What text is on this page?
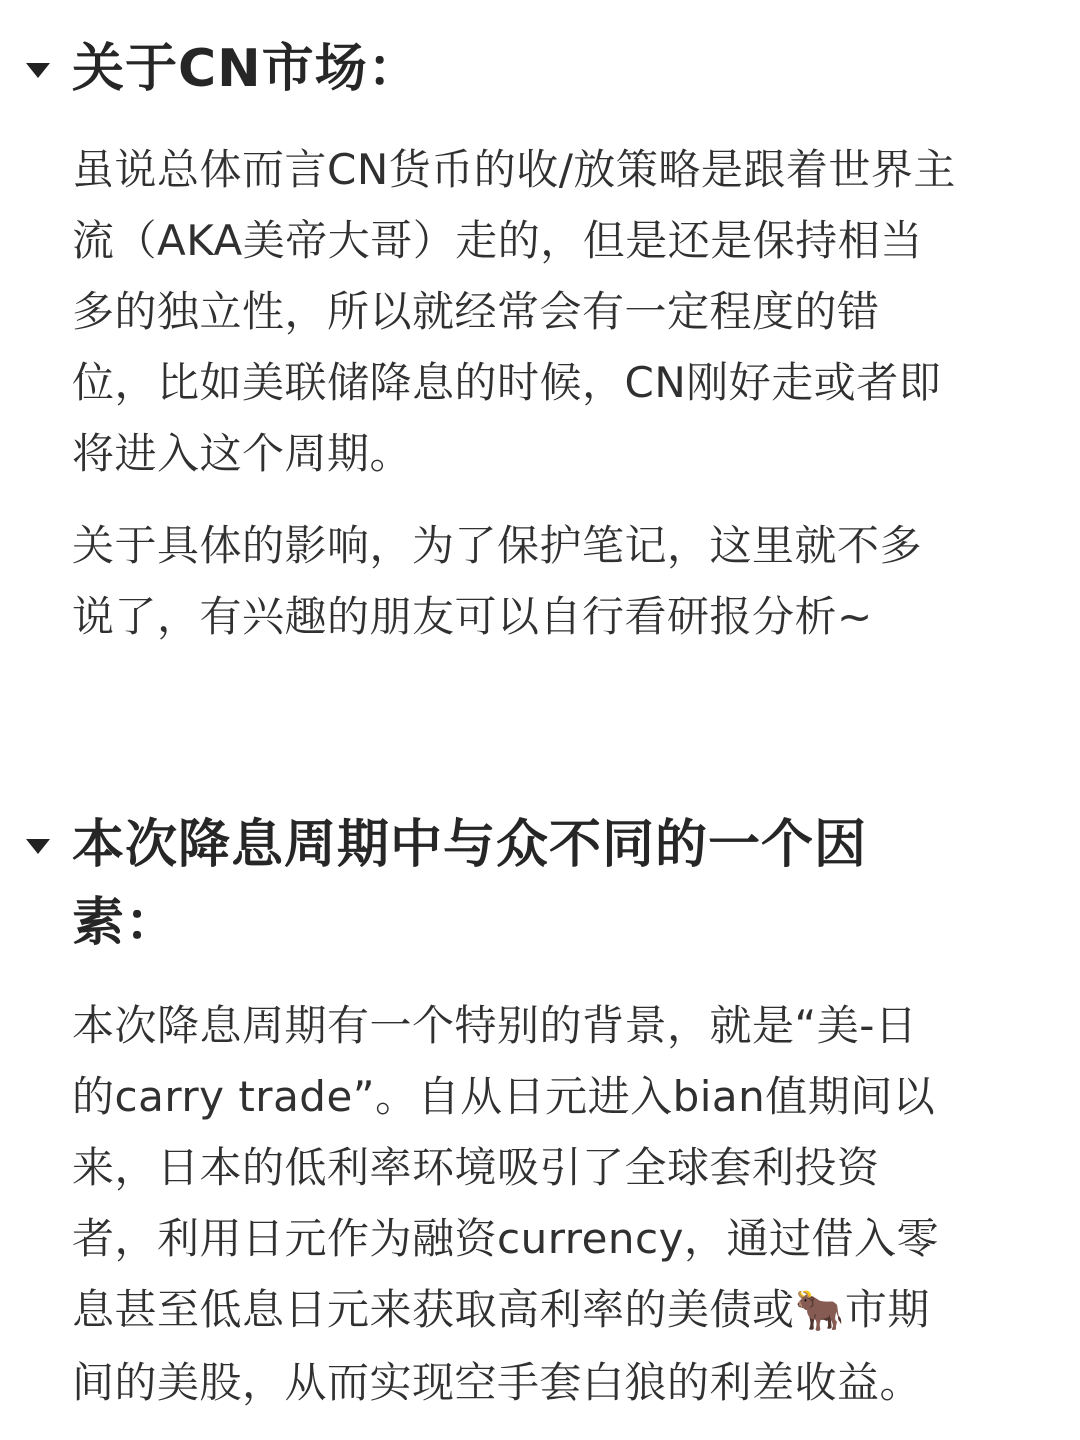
关于CN市场：

虽说总体而言CN货币的收/放策略是跟着世界主
流（AKA美帝大哥）走的，但是还是保持相当
多的独立性，所以就经常会有一定程度的错
位，比如美联储降息的时候，CN刚好走或者即
将进入这个周期。

关于具体的影响，为了保护笔记，这里就不多
说了，有兴趣的朋友可以自行看研报分析~

本次降息周期中与众不同的一个因
素：

本次降息周期有一个特别的背景，就是“美-日
的carry trade”。自从日元进入bian值期间以
来，日本的低利率环境吸引了全球套利投资
者，利用日元作为融资currency，通过借入零
息甚至低息日元来获取高利率的美债或🐂市期
间的美股，从而实现空手套白狼的利差收益。
